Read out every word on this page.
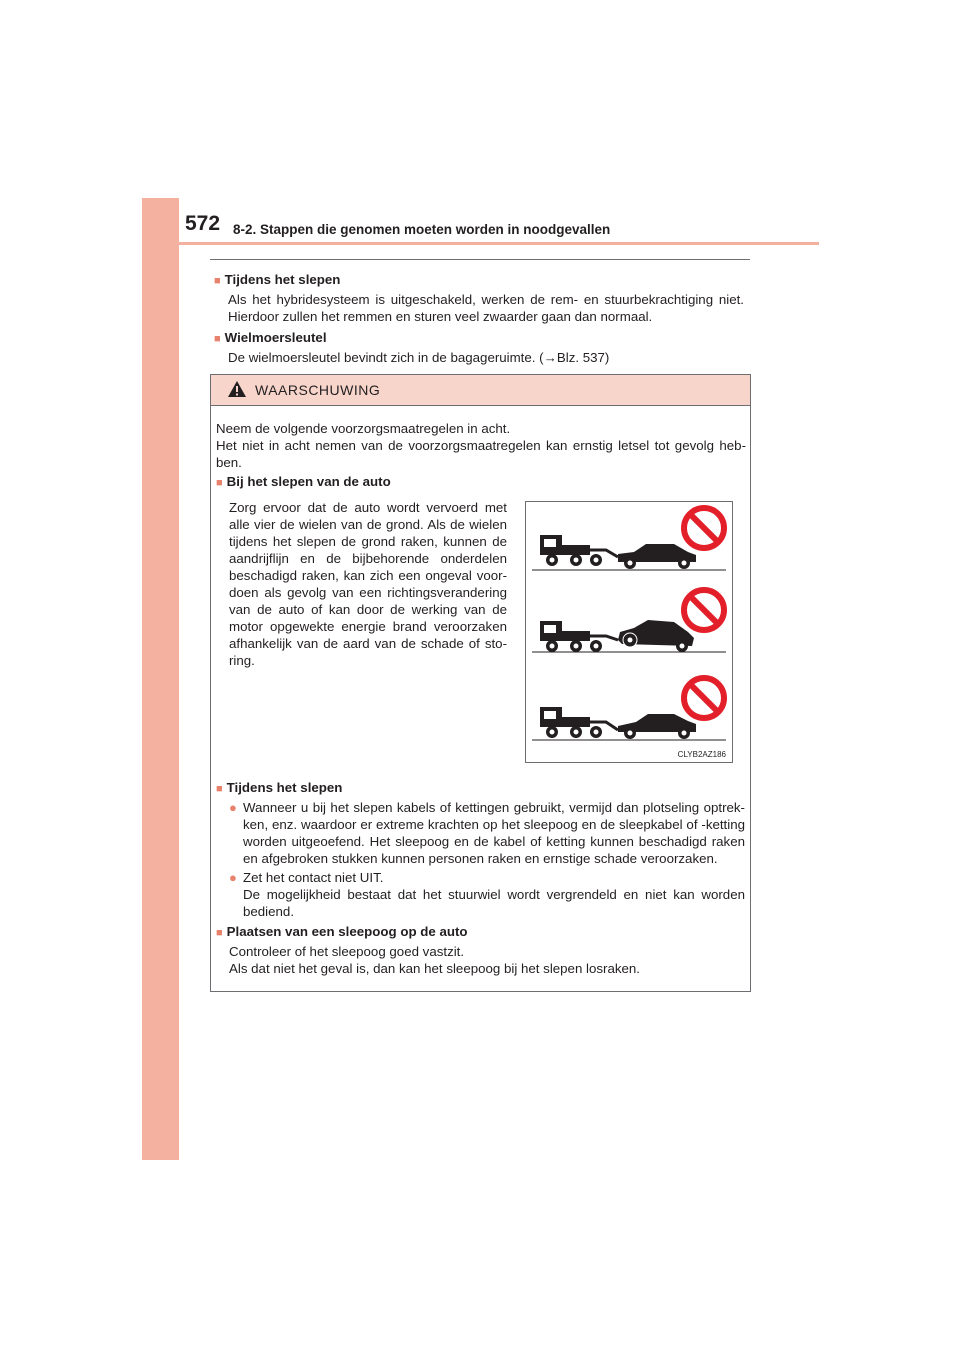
572 8-2. Stappen die genomen moeten worden in noodgevallen
■ Tijdens het slepen
Als het hybridesysteem is uitgeschakeld, werken de rem- en stuurbekrachtiging niet.
Hierdoor zullen het remmen en sturen veel zwaarder gaan dan normaal.
■ Wielmoersleutel
De wielmoersleutel bevindt zich in de bagageruimte. (→Blz. 537)
WAARSCHUWING
Neem de volgende voorzorgsmaatregelen in acht.
Het niet in acht nemen van de voorzorgsmaatregelen kan ernstig letsel tot gevolg heb-
ben.
■ Bij het slepen van de auto
Zorg ervoor dat de auto wordt vervoerd met
alle vier de wielen van de grond. Als de wielen
tijdens het slepen de grond raken, kunnen de
aandrijflijn en de bijbehorende onderdelen
beschadigd raken, kan zich een ongeval voor-
doen als gevolg van een richtingsverandering
van de auto of kan door de werking van de
motor opgewekte energie brand veroorzaken
afhankelijk van de aard van de schade of sto-
ring.
CLYB2AZ186
■ Tijdens het slepen
● Wanneer u bij het slepen kabels of kettingen gebruikt, vermijd dan plotseling optrek-
ken, enz. waardoor er extreme krachten op het sleepoog en de sleepkabel of -ketting
worden uitgeoefend. Het sleepoog en de kabel of ketting kunnen beschadigd raken
en afgebroken stukken kunnen personen raken en ernstige schade veroorzaken.
● Zet het contact niet UIT.
De mogelijkheid bestaat dat het stuurwiel wordt vergrendeld en niet kan worden
bediend.
■ Plaatsen van een sleepoog op de auto
Controleer of het sleepoog goed vastzit.
Als dat niet het geval is, dan kan het sleepoog bij het slepen losraken.
